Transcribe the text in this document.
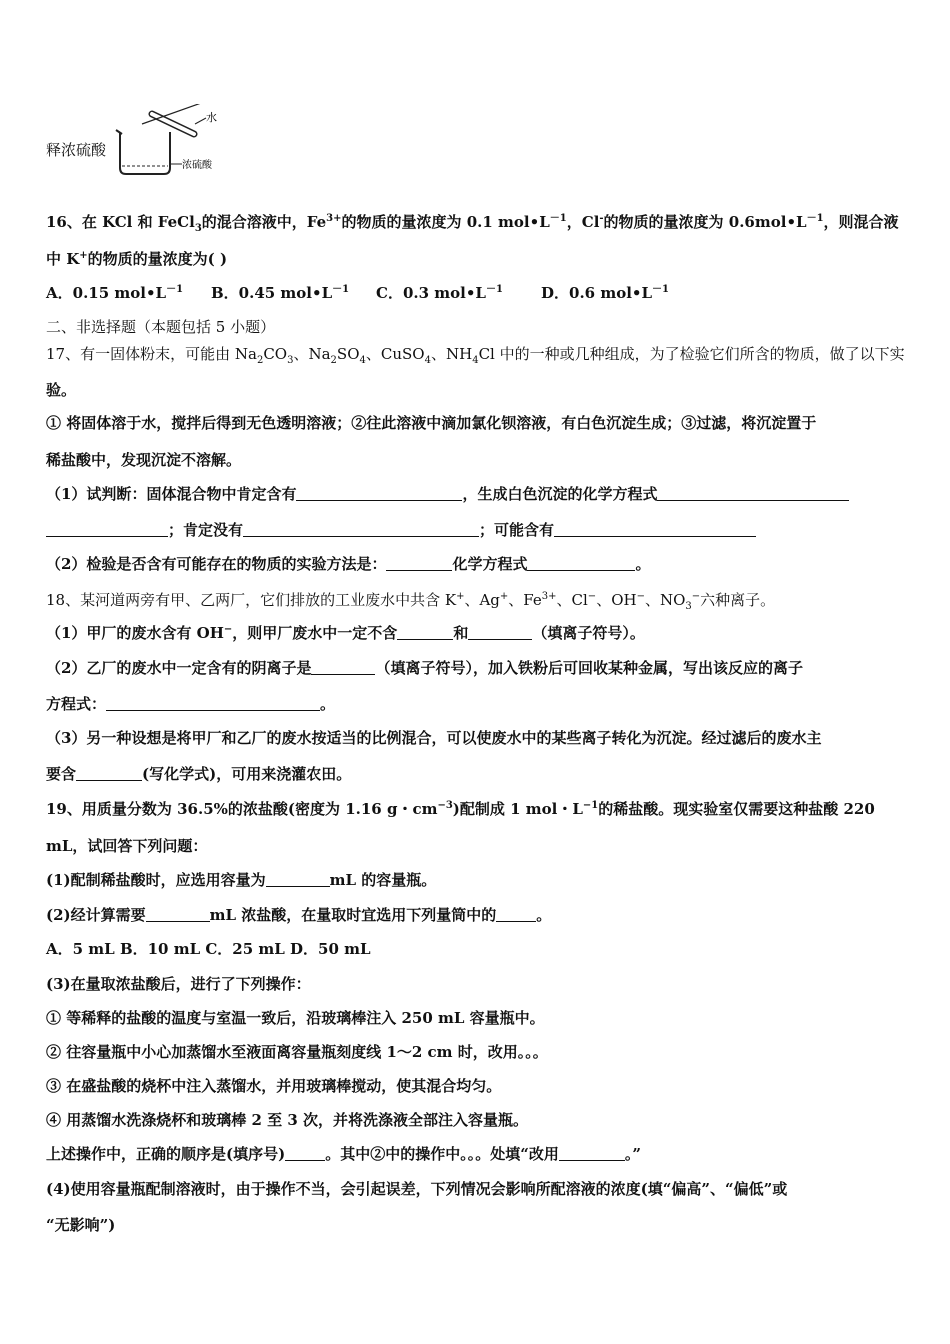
释浓硫酸
水
浓硫酸
16、在 KCl 和 FeCl$_3$的混合溶液中，$Fe^{3+}$的物质的量浓度为 0.1 $mol•L^{-1}$，Cl-的物质的量浓度为 $0.6mol•L^{-1}$，则混合液
中 K+的物质的量浓度为( )
A．0.15 $mol•L^{-1}$ B．0.45 $mol•L^{-1}$ C．0.3 $mol•L^{-1}$	D．0.6 $mol•L^{-1}$
二、非选择题（本题包括 5 小题）
17、有一固体粉末，可能由 $Na_2CO_3$、$Na_2SO_4$、CuSO$_4$、$NH_4Cl$ 中的一种或几种组成，为了检验它们所含的物质，做了以下实
验。
① 将固体溶于水，搅拌后得到无色透明溶液；②往此溶液中滴加氯化钡溶液，有白色沉淀生成；③过滤，将沉淀置于
稀盐酸中，发现沉淀不溶解。
（1）试判断：固体混合物中肯定含有	，生成白色沉淀的化学方程式
；肯定没有	；可能含有
（2）检验是否含有可能存在的物质的实验方法是：	化学方程式	。
18、某河道两旁有甲、乙两厂，它们排放的工业废水中共含 K+、Ag+、$Fe^{3+}$、Cl−、OH−、$NO_3^-$六种离子。
（1）甲厂的废水含有 OH−，则甲厂废水中一定不含	和	（填离子符号）。
（2）乙厂的废水中一定含有的阴离子是	（填离子符号），加入铁粉后可回收某种金属，写出该反应的离子
方程式：	。
（3）另一种设想是将甲厂和乙厂的废水按适当的比例混合，可以使废水中的某些离子转化为沉淀。经过滤后的废水主
要含	(写化学式)，可用来浇灌农田。
19、用质量分数为 36.5%的浓盐酸(密度为 1.16 g・$cm^{-3}$)配制成 1 mol・$L^{-1}$的稀盐酸。现实验室仅需要这种盐酸 220
mL，试回答下列问题：
(1)配制稀盐酸时，应选用容量为	mL 的容量瓶。
(2)经计算需要	mL 浓盐酸，在量取时宜选用下列量筒中的	。
A．5 mL B．10 mL C．25 mL D．50 mL
(3)在量取浓盐酸后，进行了下列操作：
① 等稀释的盐酸的温度与室温一致后，沿玻璃棒注入 250 mL 容量瓶中。
② 往容量瓶中小心加蒸馏水至液面离容量瓶刻度线 1～2 cm 时，改用。。。
③ 在盛盐酸的烧杯中注入蒸馏水，并用玻璃棒搅动，使其混合均匀。
④ 用蒸馏水洗涤烧杯和玻璃棒 2 至 3 次，并将洗涤液全部注入容量瓶。
上述操作中，正确的顺序是(填序号)	。其中②中的操作中。。。处填“改用	。”
(4)使用容量瓶配制溶液时，由于操作不当，会引起误差，下列情况会影响所配溶液的浓度(填“偏高”、“偏低”或
“无影响”)
